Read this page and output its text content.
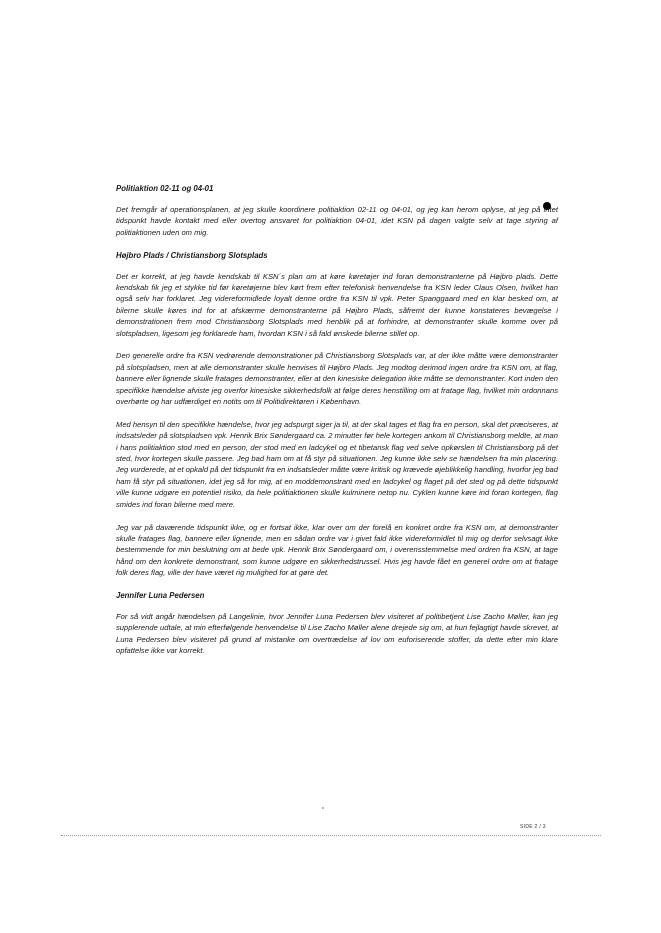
Politiaktion 02-11 og 04-01

Det fremgår af operationsplanen, at jeg skulle koordinere politiaktion 02-11 og 04-01, og jeg kan herom oplyse, at jeg på intet tidspunkt havde kontakt med eller overtog ansvaret for politiaktion 04-01, idet KSN på dagen valgte selv at tage styring af politiaktionen uden om mig.

Højbro Plads / Christiansborg Slotsplads

Det er korrekt, at jeg havde kendskab til KSN´s plan om at køre køretøjer ind foran demonstranterne på Højbro plads. Dette kendskab fik jeg et stykke tid før køretøjerne blev kørt frem efter telefonisk henvendelse fra KSN leder Claus Olsen, hvilket han også selv har forklaret. Jeg videreformidlede loyalt denne ordre fra KSN til vpk. Peter Spanggaard med en klar besked om, at bilerne skulle køres ind for at afskærme demonstranterne på Højbro Plads, såfremt der kunne konstateres bevægelse i demonstrationen frem mod Christiansborg Slotsplads med henblik på at forhindre, at demonstranter skulle komme over på slotspladsen, ligesom jeg forklarede ham, hvordan KSN i så fald ønskede bilerne stillet op.

Den generelle ordre fra KSN vedrørende demonstrationer på Christiansborg Slotsplads var, at der ikke måtte være demonstranter på slotspladsen, men at alle demonstranter skulle henvises til Højbro Plads. Jeg modtog derimod ingen ordre fra KSN om, at flag, bannere eller lignende skulle fratages demonstranter, eller at den kinesiske delegation ikke måtte se demonstranter. Kort inden den specifikke hændelse afviste jeg overfor kinesiske sikkerhedsfolk at følge deres henstilling om at fratage flag, hvilket min ordonnans overhørte og har udfærdiget en notits om til Politidirektøren i København.

Med hensyn til den specifikke hændelse, hvor jeg adspurgt siger ja til, at der skal tages et flag fra en person, skal det præciseres, at indsatsleder på slotspladsen vpk. Henrik Brix Søndergaard ca. 2 minutter før hele kortegen ankom til Christiansborg meldte, at man i hans politiaktion stod med en person, der stod med en ladcykel og et tibetansk flag ved selve opkørslen til Christiansborg på det sted, hvor kortegen skulle passere. Jeg bad ham om at få styr på situationen. Jeg kunne ikke selv se hændelsen fra min placering. Jeg vurderede, at et opkald på det tidspunkt fra en indsatsleder måtte være kritisk og krævede øjeblikkelig handling, hvorfor jeg bad ham få styr på situationen, idet jeg så for mig, at en moddemonstrant med en ladcykel og flaget på det sted og på dette tidspunkt ville kunne udgøre en potentiel risiko, da hele politiaktionen skulle kulminere netop nu. Cyklen kunne køre ind foran kortegen, flag smides ind foran bilerne med mere.

Jeg var på daværende tidspunkt ikke, og er fortsat ikke, klar over om der forelå en konkret ordre fra KSN om, at demonstranter skulle fratages flag, bannere eller lignende, men en sådan ordre var i givet fald ikke videreformidlet til mig og derfor selvsagt ikke bestemmende for min beslutning om at bede vpk. Henrik Brix Søndergaard om, i overensstemmelse med ordren fra KSN, at tage hånd om den konkrete demonstrant, som kunne udgøre en sikkerhedstrussel. Hvis jeg havde fået en generel ordre om at fratage folk deres flag, ville der have været rig mulighed for at gøre det.

Jennifer Luna Pedersen

For så vidt angår hændelsen på Langelinie, hvor Jennifer Luna Pedersen blev visiteret af politibetjent Lise Zacho Møller, kan jeg supplerende udtale, at min efterfølgende henvendelse til Lise Zacho Møller alene drejede sig om, at hun fejlagtigt havde skrevet, at Luna Pedersen blev visiteret på grund af mistanke om overtrædelse af lov om euforiserende stoffer, da dette efter min klare opfattelse ikke var korrekt.

SIDE 2 / 3
